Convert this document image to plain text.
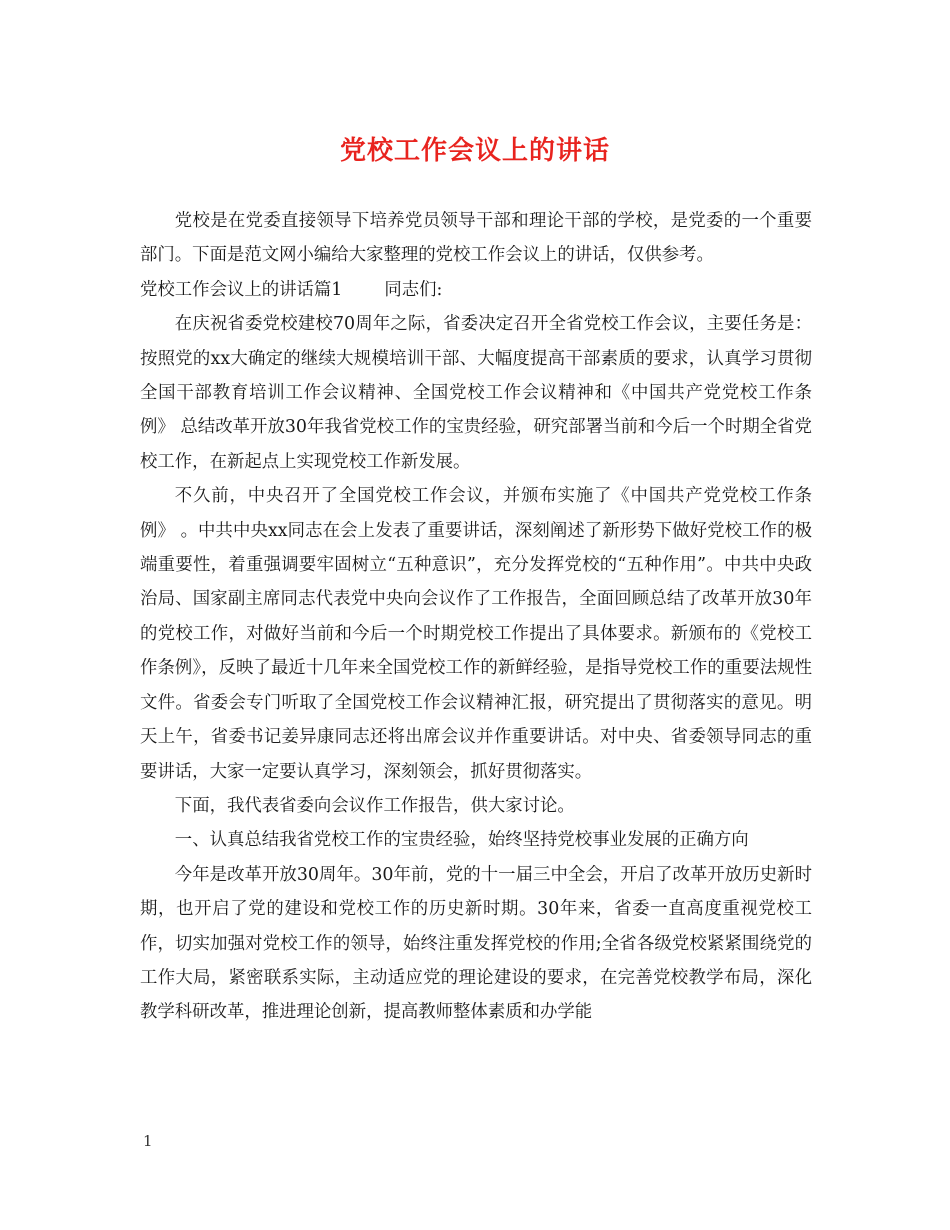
党校工作会议上的讲话

党校是在党委直接领导下培养党员领导干部和理论干部的学校，是党委的一个重要部门。下面是范文网小编给大家整理的党校工作会议上的讲话，仅供参考。

党校工作会议上的讲话篇1 同志们:

在庆祝省委党校建校70周年之际，省委决定召开全省党校工作会议，主要任务是：按照党的xx大确定的继续大规模培训干部、大幅度提高干部素质的要求，认真学习贯彻全国干部教育培训工作会议精神、全国党校工作会议精神和《中国共产党党校工作条例》 总结改革开放30年我省党校工作的宝贵经验，研究部署当前和今后一个时期全省党校工作，在新起点上实现党校工作新发展。

不久前，中央召开了全国党校工作会议，并颁布实施了《中国共产党党校工作条例》 。中共中央xx同志在会上发表了重要讲话，深刻阐述了新形势下做好党校工作的极端重要性，着重强调要牢固树立“五种意识”，充分发挥党校的“五种作用”。中共中央政治局、国家副主席同志代表党中央向会议作了工作报告，全面回顾总结了改革开放30年的党校工作，对做好当前和今后一个时期党校工作提出了具体要求。新颁布的《党校工作条例》，反映了最近十几年来全国党校工作的新鲜经验，是指导党校工作的重要法规性文件。省委会专门听取了全国党校工作会议精神汇报，研究提出了贯彻落实的意见。明天上午，省委书记姜异康同志还将出席会议并作重要讲话。对中央、省委领导同志的重要讲话，大家一定要认真学习，深刻领会，抓好贯彻落实。

下面，我代表省委向会议作工作报告，供大家讨论。

一、认真总结我省党校工作的宝贵经验，始终坚持党校事业发展的正确方向

今年是改革开放30周年。30年前，党的十一届三中全会，开启了改革开放历史新时期，也开启了党的建设和党校工作的历史新时期。30年来，省委一直高度重视党校工作，切实加强对党校工作的领导，始终注重发挥党校的作用;全省各级党校紧紧围绕党的工作大局，紧密联系实际，主动适应党的理论建设的要求，在完善党校教学布局，深化教学科研改革，推进理论创新，提高教师整体素质和办学能

1
